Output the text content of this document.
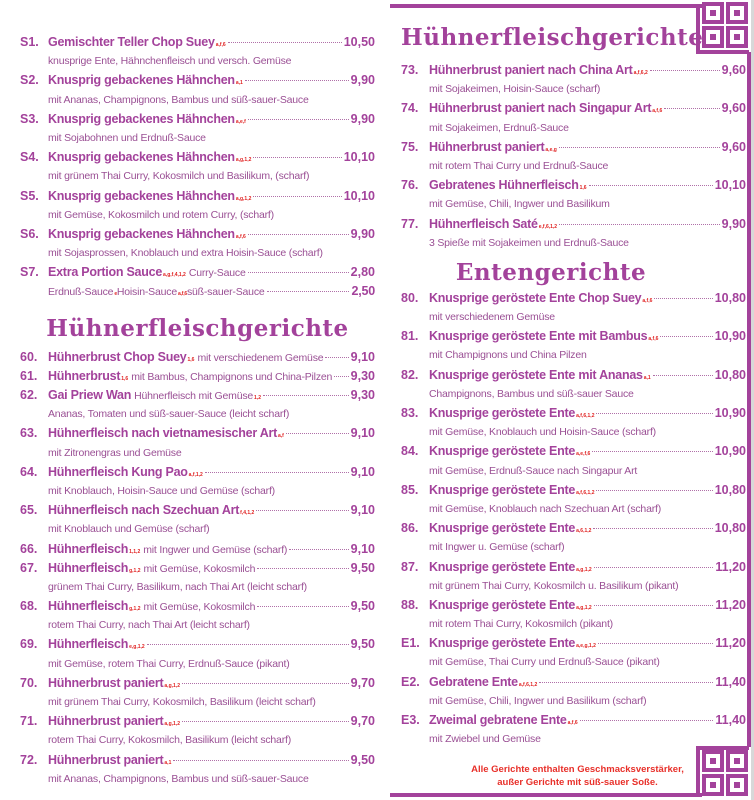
S1. Gemischter Teller Chop Suey a,f,6	10,50
knusprige Ente, Hähnchenfleisch und versch. Gemüse
S2. Knusprig gebackenes Hähnchen a,1	9,90
mit Ananas, Champignons, Bambus und süß-sauer-Sauce
S3. Knusprig gebackenes Hähnchen a,e,f	9,90
mit Sojabohnen und Erdnuß-Sauce
S4. Knusprig gebackenes Hähnchen a,g,1,2	10,10
mit grünem Thai Curry, Kokosmilch und Basilikum, (scharf)
S5. Knusprig gebackenes Hähnchen a,g,1,2	10,10
mit Gemüse, Kokosmilch und rotem Curry, (scharf)
S6. Knusprig gebackenes Hähnchen a,f,6	9,90
mit Sojasprossen, Knoblauch und extra Hoisin-Sauce (scharf)
S7. Extra Portion Sauce a,g,f,4,1,2 Curry-Sauce	2,80
Erdnuß-Sauce e Hoisin-Sauce a,f,6 süß-sauer-Sauce	2,50
Hühnerfleischgerichte
60. Hühnerbrust Chop Suey 1,6 mit verschiedenem Gemüse 9,10
61. Hühnerbrust 1,6 mit Bambus, Champignons und China-Pilzen 9,30
62. Gai Priew Wan Hühnerfleisch mit Gemüse 1,2	9,30
Ananas, Tomaten und süß-sauer-Sauce (leicht scharf)
63. Hühnerfleisch nach vietnamesischer Art a,f	9,10
mit Zitronengras und Gemüse
64. Hühnerfleisch Kung Pao a,f,1,2	9,10
mit Knoblauch, Hoisin-Sauce und Gemüse (scharf)
65. Hühnerfleisch nach Szechuan Art f,4,1,2	9,10
mit Knoblauch und Gemüse (scharf)
66. Hühnerfleisch 1,1,2 mit Ingwer und Gemüse (scharf)	9,10
67. Hühnerfleisch g,1,2 mit Gemüse, Kokosmilch	9,50
grünem Thai Curry, Basilikum, nach Thai Art (leicht scharf)
68. Hühnerfleisch g,1,2 mit Gemüse, Kokosmilch	9,50
rotem Thai Curry, nach Thai Art (leicht scharf)
69. Hühnerfleisch e,g,1,2	9,50
mit Gemüse, rotem Thai Curry, Erdnuß-Sauce (pikant)
70. Hühnerbrust paniert a,g,1,2	9,70
mit grünem Thai Curry, Kokosmilch, Basilikum (leicht scharf)
71. Hühnerbrust paniert a,g,1,2	9,70
rotem Thai Curry, Kokosmilch, Basilikum (leicht scharf)
72. Hühnerbrust paniert a,1	9,50
mit Ananas, Champignons, Bambus und süß-sauer-Sauce
Hühnerfleischgerichte
73. Hühnerbrust paniert nach China Art a,f,6,2	9,60
mit Sojakeimen, Hoisin-Sauce (scharf)
74. Hühnerbrust paniert nach Singapur Art a,f,6	9,60
mit Sojakeimen, Erdnuß-Sauce
75. Hühnerbrust paniert a,e,g	9,60
mit rotem Thai Curry und Erdnuß-Sauce
76. Gebratenes Hühnerfleisch 1,6	10,10
mit Gemüse, Chili, Ingwer und Basilikum
77. Hühnerfleisch Saté e,f,6,1,2	9,90
3 Spieße mit Sojakeimen und Erdnuß-Sauce
Entengerichte
80. Knusprige geröstete Ente Chop Suey a,f,6	10,80
mit verschiedenem Gemüse
81. Knusprige geröstete Ente mit Bambus a,f,6	10,90
mit Champignons und China Pilzen
82. Knusprige geröstete Ente mit Ananas a,1	10,80
Champignons, Bambus und süß-sauer Sauce
83. Knusprige geröstete Ente a,f,6,1,2	10,90
mit Gemüse, Knoblauch und Hoisin-Sauce (scharf)
84. Knusprige geröstete Ente a,e,f,6	10,90
mit Gemüse, Erdnuß-Sauce nach Singapur Art
85. Knusprige geröstete Ente a,f,6,1,2	10,80
mit Gemüse, Knoblauch nach Szechuan Art (scharf)
86. Knusprige geröstete Ente a,6,1,2	10,80
mit Ingwer u. Gemüse (scharf)
87. Knusprige geröstete Ente a,g,1,2	11,20
mit grünem Thai Curry, Kokosmilch u. Basilikum (pikant)
88. Knusprige geröstete Ente a,g,1,2	11,20
mit rotem Thai Curry, Kokosmilch (pikant)
E1. Knusprige geröstete Ente a,e,g,1,2	11,20
mit Gemüse, Thai Curry und Erdnuß-Sauce (pikant)
E2. Gebratene Ente a,f,6,1,2	11,40
mit Gemüse, Chili, Ingwer und Basilikum (scharf)
E3. Zweimal gebratene Ente a,f,6	11,40
mit Zwiebel und Gemüse
Alle Gerichte enthalten Geschmacksverstärker,
außer Gerichte mit süß-sauer Soße.
